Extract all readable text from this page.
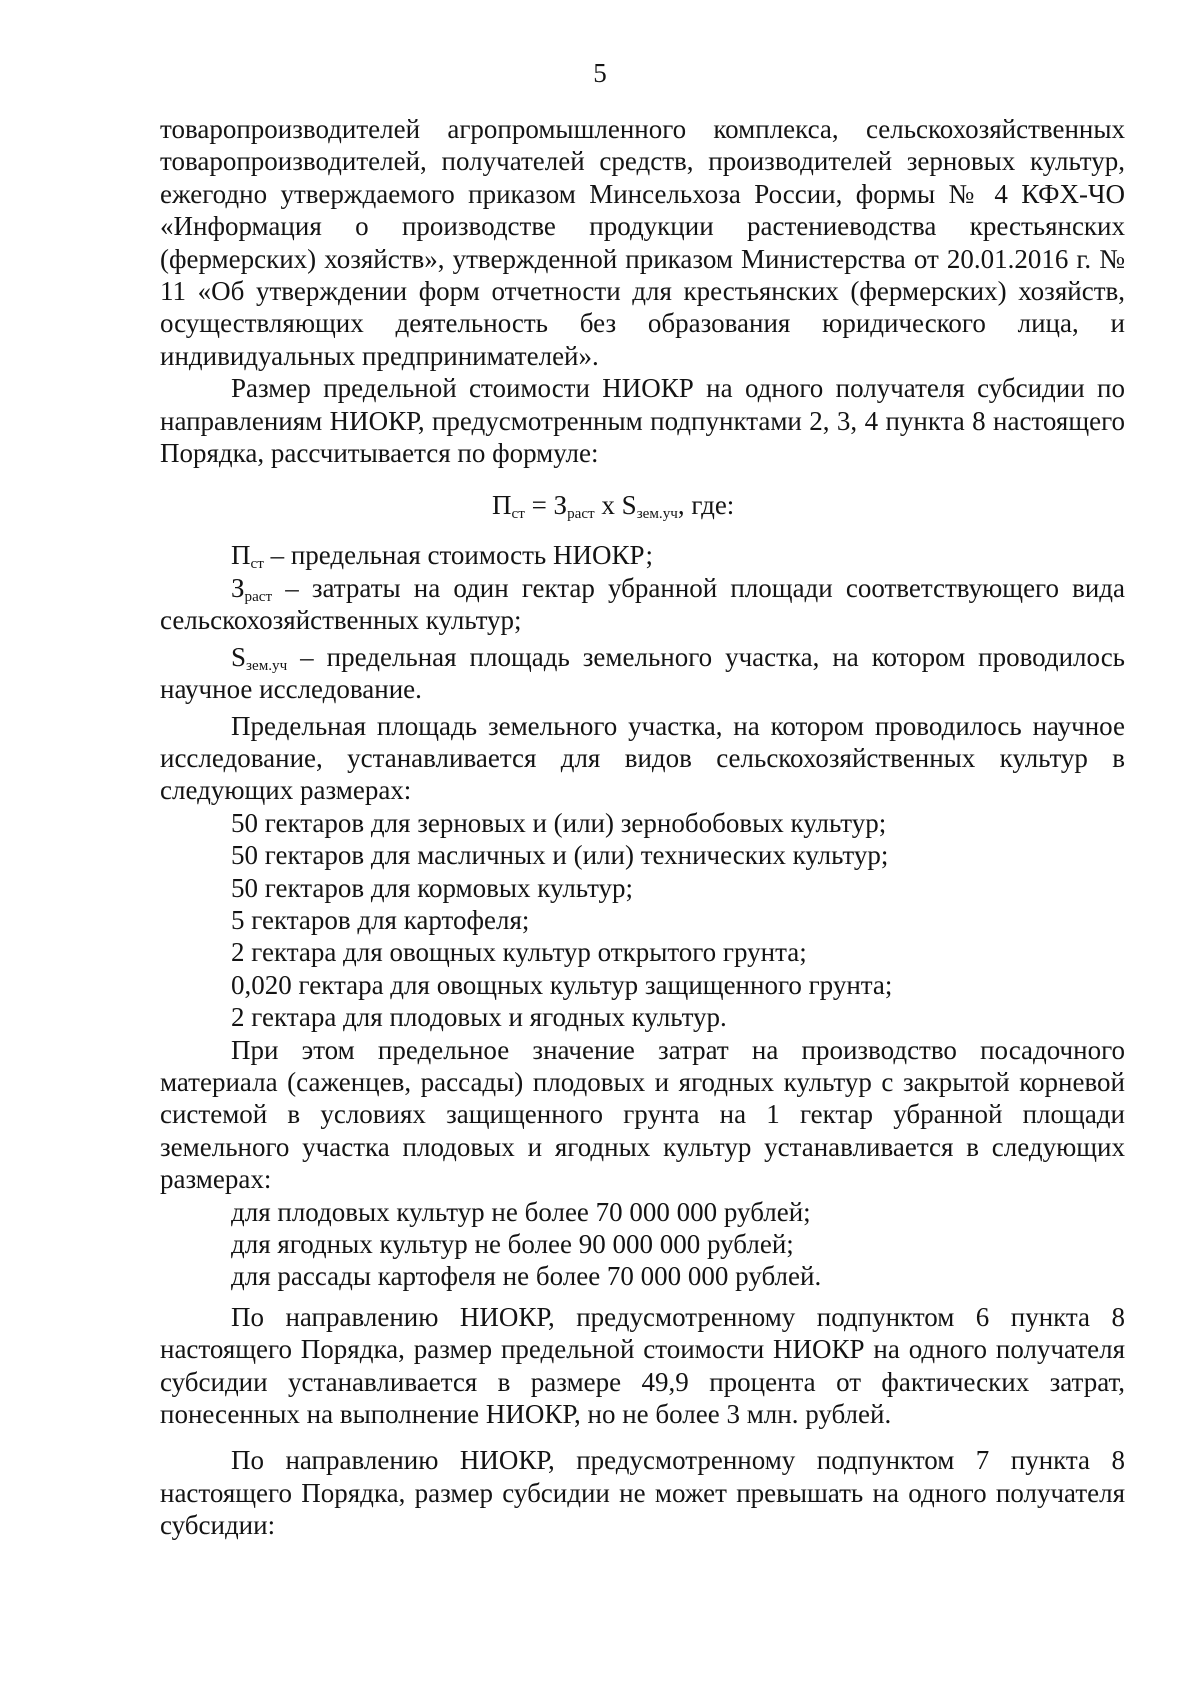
5

товаропроизводителей агропромышленного комплекса, сельскохозяйственных товаропроизводителей, получателей средств, производителей зерновых культур, ежегодно утверждаемого приказом Минсельхоза России, формы № 4 КФХ-ЧО «Информация о производстве продукции растениеводства крестьянских (фермерских) хозяйств», утвержденной приказом Министерства от 20.01.2016 г. № 11 «Об утверждении форм отчетности для крестьянских (фермерских) хозяйств, осуществляющих деятельность без образования юридического лица, и индивидуальных предпринимателей».

Размер предельной стоимости НИОКР на одного получателя субсидии по направлениям НИОКР, предусмотренным подпунктами 2, 3, 4 пункта 8 настоящего Порядка, рассчитывается по формуле:

$П_{ст} = З_{раст}$ х $S_{зем.уч}$, где:

$П_{ст}$ – предельная стоимость НИОКР;

$З_{раст}$ – затраты на один гектар убранной площади соответствующего вида сельскохозяйственных культур;

$S_{зем.уч}$ – предельная площадь земельного участка, на котором проводилось научное исследование.

Предельная площадь земельного участка, на котором проводилось научное исследование, устанавливается для видов сельскохозяйственных культур в следующих размерах:

50 гектаров для зерновых и (или) зернобобовых культур;

50 гектаров для масличных и (или) технических культур;

50 гектаров для кормовых культур;

5 гектаров для картофеля;

2 гектара для овощных культур открытого грунта;

0,020 гектара для овощных культур защищенного грунта;

2 гектара для плодовых и ягодных культур.

При этом предельное значение затрат на производство посадочного материала (саженцев, рассады) плодовых и ягодных культур с закрытой корневой системой в условиях защищенного грунта на 1 гектар убранной площади земельного участка плодовых и ягодных культур устанавливается в следующих размерах:

для плодовых культур не более 70 000 000 рублей;

для ягодных культур не более 90 000 000 рублей;

для рассады картофеля не более 70 000 000 рублей.

По направлению НИОКР, предусмотренному подпунктом 6 пункта 8 настоящего Порядка, размер предельной стоимости НИОКР на одного получателя субсидии устанавливается в размере 49,9 процента от фактических затрат, понесенных на выполнение НИОКР, но не более 3 млн. рублей.

По направлению НИОКР, предусмотренному подпунктом 7 пункта 8 настоящего Порядка, размер субсидии не может превышать на одного получателя субсидии:
